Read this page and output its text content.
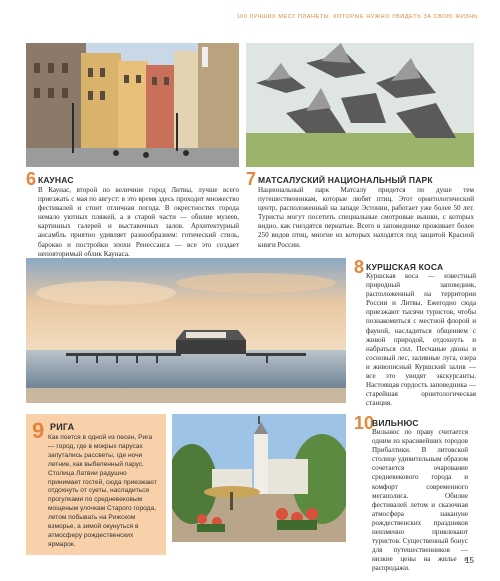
100 ЛУЧШИХ МЕСТ ПЛАНЕТЫ, КОТОРЫЕ НУЖНО УВИДЕТЬ ЗА СВОЮ ЖИЗНЬ
6 КАУНАС

В Каунас, второй по величине город Литвы, лучше всего приезжать с мая по август: в это время здесь проходит множество фестивалей и стоит отличная погода. В окрестностях города немало уютных пляжей, а в старой части — обилие музеев, картинных галерей и выставочных залов. Архитектурный ансамбль приятно удивляет разнообразием: готический стиль, барокко и постройки эпохи Ренессанса — все это создает неповторимый облик Каунаса.

7 МАТСАЛУСКИЙ НАЦИОНАЛЬНЫЙ ПАРК

Национальный парк Матсалу придется по душе тем путешественникам, которые любят птиц. Этот орнитологический центр, расположенный на западе Эстонии, работает уже более 50 лет. Туристы могут посетить специальные смотровые вышки, с которых видно, как гнездятся пернатые. Всего в заповеднике проживает более 250 видов птиц, многие из которых находятся под защитой Красной книги России.

8 КУРШСКАЯ КОСА

Куршская коса — известный природный заповедник, расположенный на территории России и Литвы. Ежегодно сюда приезжают тысячи туристов, чтобы познакомиться с местной флорой и фауной, насладиться общением с живой природой, отдохнуть и набраться сил. Песчаные дюны и сосновый лес, заливные луга, озера и живописный Куршский залив — все это увидят экскурсанты. Настоящая гордость заповедника — старейшая орнитологическая станция.

9 РИГА

Как поется в одной из песен, Рига — город, где в мокрых парусах запутались рассветы, где ночи летние, как выбеленный парус. Столица Латвии радушно принимает гостей, сюда приезжают отдохнуть от суеты, насладиться прогулками по средневековым мощеным улочкам Старого города, летом побывать на Рижском взморье, а зимой окунуться в атмосферу рождественских ярмарок.

10
ВИЛЬНЮС

Вильнюс по праву считается одним из красивейших городов Прибалтики. В литовской столице удивительным образом сочетается очарование средневекового города и комфорт современного мегаполиса. Обилие фестивалей летом и сказочная атмосфера накануне рождественских праздников неизменно привлекают туристов. Существенный бонус для путешественников — низкие цены на жилье и распродажи.

15
